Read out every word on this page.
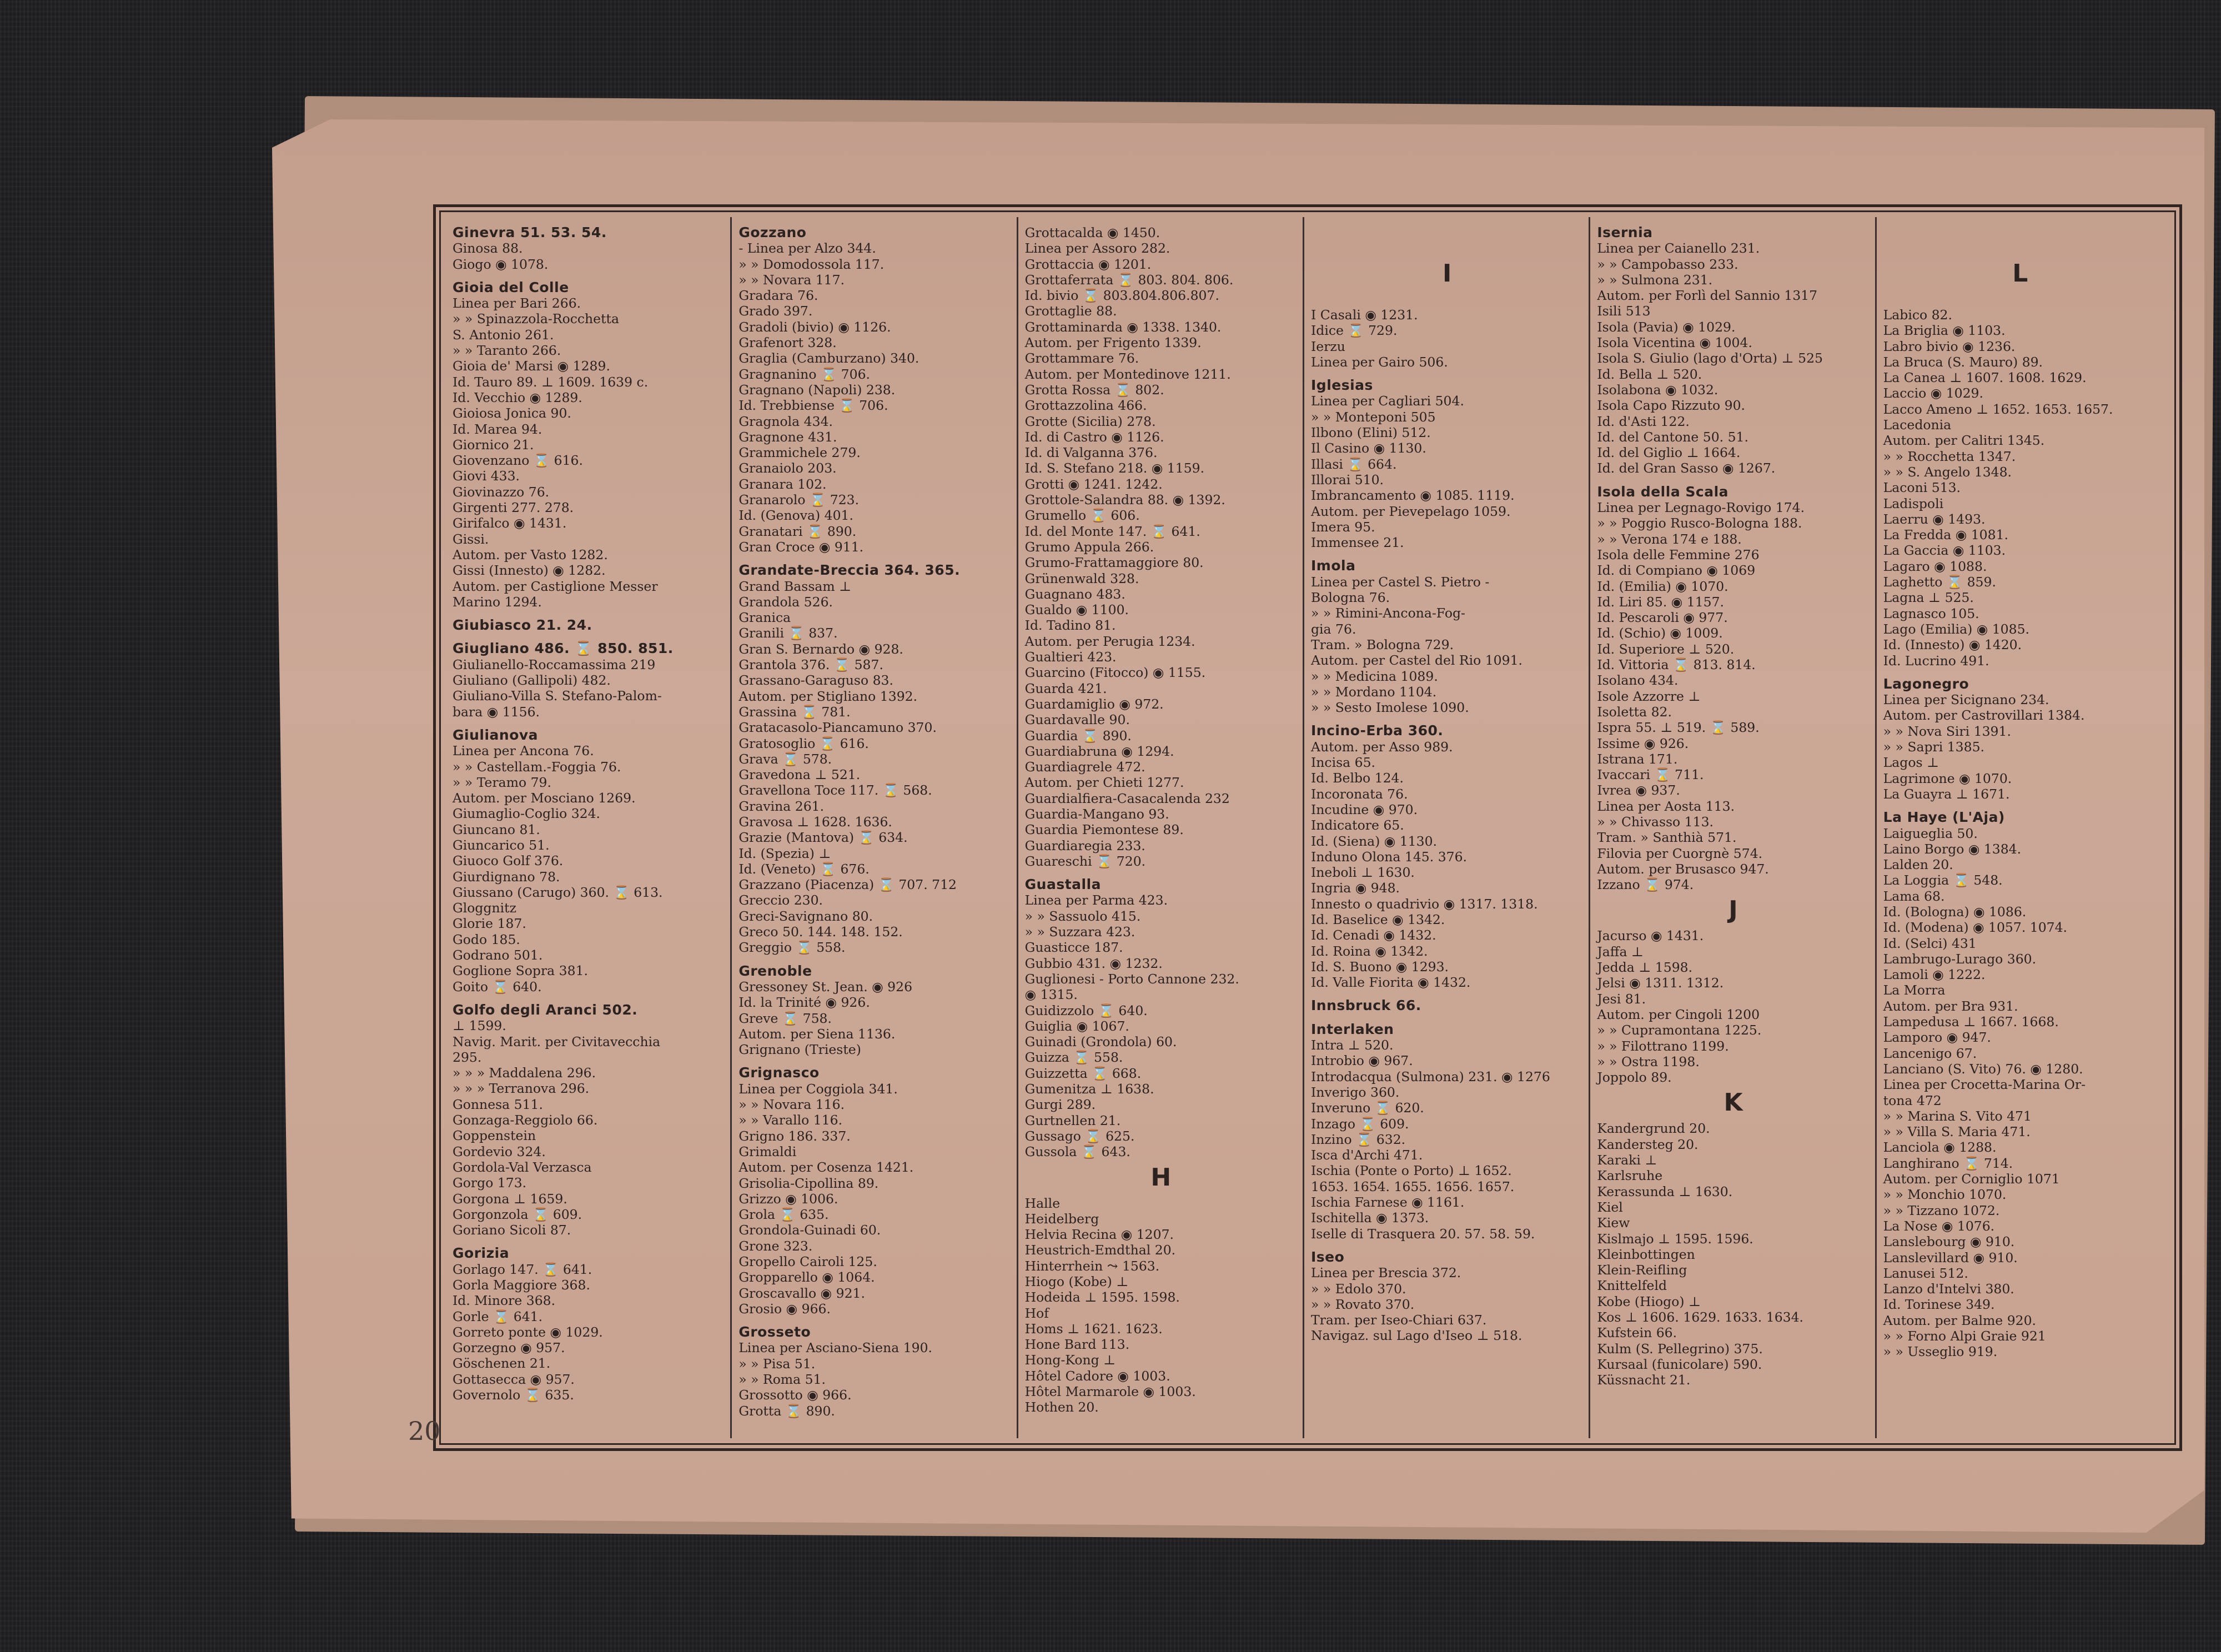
Ginevra 51. 53. 54.
Ginosa 88.
Giogo ◉ 1078.
Gioia del Colle
Linea per Bari 266.
» » Spinazzola-Rocchetta
S. Antonio 261.
» » Taranto 266.
Gioia de' Marsi ◉ 1289.
Id. Tauro 89. ⊥ 1609. 1639 c.
Id. Vecchio ◉ 1289.
Gioiosa Jonica 90.
Id. Marea 94.
Giornico 21.
Giovenzano ⌛ 616.
Giovi 433.
Giovinazzo 76.
Girgenti 277. 278.
Girifalco ◉ 1431.
Gissi.
Autom. per Vasto 1282.
Gissi (Innesto) ◉ 1282.
Autom. per Castiglione Messer
Marino 1294.
Giubiasco 21. 24.
Giugliano 486. ⌛ 850. 851.
Giulianello-Roccamassima 219
Giuliano (Gallipoli) 482.
Giuliano-Villa S. Stefano-Palom-
bara ◉ 1156.
Giulianova
Linea per Ancona 76.
» » Castellam.-Foggia 76.
» » Teramo 79.
Autom. per Mosciano 1269.
Giumaglio-Coglio 324.
Giuncano 81.
Giuncarico 51.
Giuoco Golf 376.
Giurdignano 78.
Giussano (Carugo) 360. ⌛ 613.
Gloggnitz
Glorie 187.
Godo 185.
Godrano 501.
Goglione Sopra 381.
Goito ⌛ 640.
Golfo degli Aranci 502.
⊥ 1599.
Navig. Marit. per Civitavecchia
295.
» » » Maddalena 296.
» » » Terranova 296.
Gonnesa 511.
Gonzaga-Reggiolo 66.
Goppenstein
Gordevio 324.
Gordola-Val Verzasca
Gorgo 173.
Gorgona ⊥ 1659.
Gorgonzola ⌛ 609.
Goriano Sicoli 87.
Gorizia
Gorlago 147. ⌛ 641.
Gorla Maggiore 368.
Id. Minore 368.
Gorle ⌛ 641.
Gorreto ponte ◉ 1029.
Gorzegno ◉ 957.
Göschenen 21.
Gottasecca ◉ 957.
Governolo ⌛ 635.
Gozzano
- Linea per Alzo 344.
» » Domodossola 117.
» » Novara 117.
Gradara 76.
Grado 397.
Gradoli (bivio) ◉ 1126.
Grafenort 328.
Graglia (Camburzano) 340.
Gragnanino ⌛ 706.
Gragnano (Napoli) 238.
Id. Trebbiense ⌛ 706.
Gragnola 434.
Gragnone 431.
Grammichele 279.
Granaiolo 203.
Granara 102.
Granarolo ⌛ 723.
Id. (Genova) 401.
Granatari ⌛ 890.
Gran Croce ◉ 911.
Grandate-Breccia 364. 365.
Grand Bassam ⊥
Grandola 526.
Granica
Granili ⌛ 837.
Gran S. Bernardo ◉ 928.
Grantola 376. ⌛ 587.
Grassano-Garaguso 83.
Autom. per Stigliano 1392.
Grassina ⌛ 781.
Gratacasolo-Piancamuno 370.
Gratosoglio ⌛ 616.
Grava ⌛ 578.
Gravedona ⊥ 521.
Gravellona Toce 117. ⌛ 568.
Gravina 261.
Gravosa ⊥ 1628. 1636.
Grazie (Mantova) ⌛ 634.
Id. (Spezia) ⊥
Id. (Veneto) ⌛ 676.
Grazzano (Piacenza) ⌛ 707. 712
Greccio 230.
Greci-Savignano 80.
Greco 50. 144. 148. 152.
Greggio ⌛ 558.
Grenoble
Gressoney St. Jean. ◉ 926
Id. la Trinité ◉ 926.
Greve ⌛ 758.
Autom. per Siena 1136.
Grignano (Trieste)
Grignasco
Linea per Coggiola 341.
» » Novara 116.
» » Varallo 116.
Grigno 186. 337.
Grimaldi
Autom. per Cosenza 1421.
Grisolia-Cipollina 89.
Grizzo ◉ 1006.
Grola ⌛ 635.
Grondola-Guinadi 60.
Grone 323.
Gropello Cairoli 125.
Gropparello ◉ 1064.
Groscavallo ◉ 921.
Grosio ◉ 966.
Grosseto
Linea per Asciano-Siena 190.
» » Pisa 51.
» » Roma 51.
Grossotto ◉ 966.
Grotta ⌛ 890.
Grottacalda ◉ 1450.
Linea per Assoro 282.
Grottaccia ◉ 1201.
Grottaferrata ⌛ 803. 804. 806.
Id. bivio ⌛ 803.804.806.807.
Grottaglie 88.
Grottaminarda ◉ 1338. 1340.
Autom. per Frigento 1339.
Grottammare 76.
Autom. per Montedinove 1211.
Grotta Rossa ⌛ 802.
Grottazzolina 466.
Grotte (Sicilia) 278.
Id. di Castro ◉ 1126.
Id. di Valganna 376.
Id. S. Stefano 218. ◉ 1159.
Grotti ◉ 1241. 1242.
Grottole-Salandra 88. ◉ 1392.
Grumello ⌛ 606.
Id. del Monte 147. ⌛ 641.
Grumo Appula 266.
Grumo-Frattamaggiore 80.
Grünenwald 328.
Guagnano 483.
Gualdo ◉ 1100.
Id. Tadino 81.
Autom. per Perugia 1234.
Gualtieri 423.
Guarcino (Fitocco) ◉ 1155.
Guarda 421.
Guardamiglio ◉ 972.
Guardavalle 90.
Guardia ⌛ 890.
Guardiabruna ◉ 1294.
Guardiagrele 472.
Autom. per Chieti 1277.
Guardialfiera-Casacalenda 232
Guardia-Mangano 93.
Guardia Piemontese 89.
Guardiaregia 233.
Guareschi ⌛ 720.
Guastalla
Linea per Parma 423.
» » Sassuolo 415.
» » Suzzara 423.
Guasticce 187.
Gubbio 431. ◉ 1232.
Guglionesi - Porto Cannone 232.
◉ 1315.
Guidizzolo ⌛ 640.
Guiglia ◉ 1067.
Guinadi (Grondola) 60.
Guizza ⌛ 558.
Guizzetta ⌛ 668.
Gumenitza ⊥ 1638.
Gurgi 289.
Gurtnellen 21.
Gussago ⌛ 625.
Gussola ⌛ 643.
H
Halle
Heidelberg
Helvia Recina ◉ 1207.
Heustrich-Emdthal 20.
Hinterrhein ⤳ 1563.
Hiogo (Kobe) ⊥
Hodeida ⊥ 1595. 1598.
Hof
Homs ⊥ 1621. 1623.
Hone Bard 113.
Hong-Kong ⊥
Hôtel Cadore ◉ 1003.
Hôtel Marmarole ◉ 1003.
Hothen 20.
I
I Casali ◉ 1231.
Idice ⌛ 729.
Ierzu
Linea per Gairo 506.
Iglesias
Linea per Cagliari 504.
» » Monteponi 505
Ilbono (Elini) 512.
Il Casino ◉ 1130.
Illasi ⌛ 664.
Illorai 510.
Imbrancamento ◉ 1085. 1119.
Autom. per Pievepelago 1059.
Imera 95.
Immensee 21.
Imola
Linea per Castel S. Pietro -
Bologna 76.
» » Rimini-Ancona-Fog-
gia 76.
Tram. » Bologna 729.
Autom. per Castel del Rio 1091.
» » Medicina 1089.
» » Mordano 1104.
» » Sesto Imolese 1090.
Incino-Erba 360.
Autom. per Asso 989.
Incisa 65.
Id. Belbo 124.
Incoronata 76.
Incudine ◉ 970.
Indicatore 65.
Id. (Siena) ◉ 1130.
Induno Olona 145. 376.
Ineboli ⊥ 1630.
Ingria ◉ 948.
Innesto o quadrivio ◉ 1317. 1318.
Id. Baselice ◉ 1342.
Id. Cenadi ◉ 1432.
Id. Roina ◉ 1342.
Id. S. Buono ◉ 1293.
Id. Valle Fiorita ◉ 1432.
Innsbruck 66.
Interlaken
Intra ⊥ 520.
Introbio ◉ 967.
Introdacqua (Sulmona) 231. ◉ 1276
Inverigo 360.
Inveruno ⌛ 620.
Inzago ⌛ 609.
Inzino ⌛ 632.
Isca d'Archi 471.
Ischia (Ponte o Porto) ⊥ 1652.
1653. 1654. 1655. 1656. 1657.
Ischia Farnese ◉ 1161.
Ischitella ◉ 1373.
Iselle di Trasquera 20. 57. 58. 59.
Iseo
Linea per Brescia 372.
» » Edolo 370.
» » Rovato 370.
Tram. per Iseo-Chiari 637.
Navigaz. sul Lago d'Iseo ⊥ 518.
Isernia
Linea per Caianello 231.
» » Campobasso 233.
» » Sulmona 231.
Autom. per Forlì del Sannio 1317
Isili 513
Isola (Pavia) ◉ 1029.
Isola Vicentina ◉ 1004.
Isola S. Giulio (lago d'Orta) ⊥ 525
Id. Bella ⊥ 520.
Isolabona ◉ 1032.
Isola Capo Rizzuto 90.
Id. d'Asti 122.
Id. del Cantone 50. 51.
Id. del Giglio ⊥ 1664.
Id. del Gran Sasso ◉ 1267.
Isola della Scala
Linea per Legnago-Rovigo 174.
» » Poggio Rusco-Bologna 188.
» » Verona 174 e 188.
Isola delle Femmine 276
Id. di Compiano ◉ 1069
Id. (Emilia) ◉ 1070.
Id. Liri 85. ◉ 1157.
Id. Pescaroli ◉ 977.
Id. (Schio) ◉ 1009.
Id. Superiore ⊥ 520.
Id. Vittoria ⌛ 813. 814.
Isolano 434.
Isole Azzorre ⊥
Isoletta 82.
Ispra 55. ⊥ 519. ⌛ 589.
Issime ◉ 926.
Istrana 171.
Ivaccari ⌛ 711.
Ivrea ◉ 937.
Linea per Aosta 113.
» » Chivasso 113.
Tram. » Santhià 571.
Filovia per Cuorgnè 574.
Autom. per Brusasco 947.
Izzano ⌛ 974.
J
Jacurso ◉ 1431.
Jaffa ⊥
Jedda ⊥ 1598.
Jelsi ◉ 1311. 1312.
Jesi 81.
Autom. per Cingoli 1200
» » Cupramontana 1225.
» » Filottrano 1199.
» » Ostra 1198.
Joppolo 89.
K
Kandergrund 20.
Kandersteg 20.
Karaki ⊥
Karlsruhe
Kerassunda ⊥ 1630.
Kiel
Kiew
Kislmajo ⊥ 1595. 1596.
Kleinbottingen
Klein-Reifling
Knittelfeld
Kobe (Hiogo) ⊥
Kos ⊥ 1606. 1629. 1633. 1634.
Kufstein 66.
Kulm (S. Pellegrino) 375.
Kursaal (funicolare) 590.
Küssnacht 21.
L
Labico 82.
La Briglia ◉ 1103.
Labro bivio ◉ 1236.
La Bruca (S. Mauro) 89.
La Canea ⊥ 1607. 1608. 1629.
Laccio ◉ 1029.
Lacco Ameno ⊥ 1652. 1653. 1657.
Lacedonia
Autom. per Calitri 1345.
» » Rocchetta 1347.
» » S. Angelo 1348.
Laconi 513.
Ladispoli
Laerru ◉ 1493.
La Fredda ◉ 1081.
La Gaccia ◉ 1103.
Lagaro ◉ 1088.
Laghetto ⌛ 859.
Lagna ⊥ 525.
Lagnasco 105.
Lago (Emilia) ◉ 1085.
Id. (Innesto) ◉ 1420.
Id. Lucrino 491.
Lagonegro
Linea per Sicignano 234.
Autom. per Castrovillari 1384.
» » Nova Siri 1391.
» » Sapri 1385.
Lagos ⊥
Lagrimone ◉ 1070.
La Guayra ⊥ 1671.
La Haye (L'Aja)
Laigueglia 50.
Laino Borgo ◉ 1384.
Lalden 20.
La Loggia ⌛ 548.
Lama 68.
Id. (Bologna) ◉ 1086.
Id. (Modena) ◉ 1057. 1074.
Id. (Selci) 431
Lambrugo-Lurago 360.
Lamoli ◉ 1222.
La Morra
Autom. per Bra 931.
Lampedusa ⊥ 1667. 1668.
Lamporo ◉ 947.
Lancenigo 67.
Lanciano (S. Vito) 76. ◉ 1280.
Linea per Crocetta-Marina Or-
tona 472
» » Marina S. Vito 471
» » Villa S. Maria 471.
Lanciola ◉ 1288.
Langhirano ⌛ 714.
Autom. per Corniglio 1071
» » Monchio 1070.
» » Tizzano 1072.
La Nose ◉ 1076.
Lanslebourg ◉ 910.
Lanslevillard ◉ 910.
Lanusei 512.
Lanzo d'Intelvi 380.
Id. Torinese 349.
Autom. per Balme 920.
» » Forno Alpi Graie 921
» » Usseglio 919.
20
